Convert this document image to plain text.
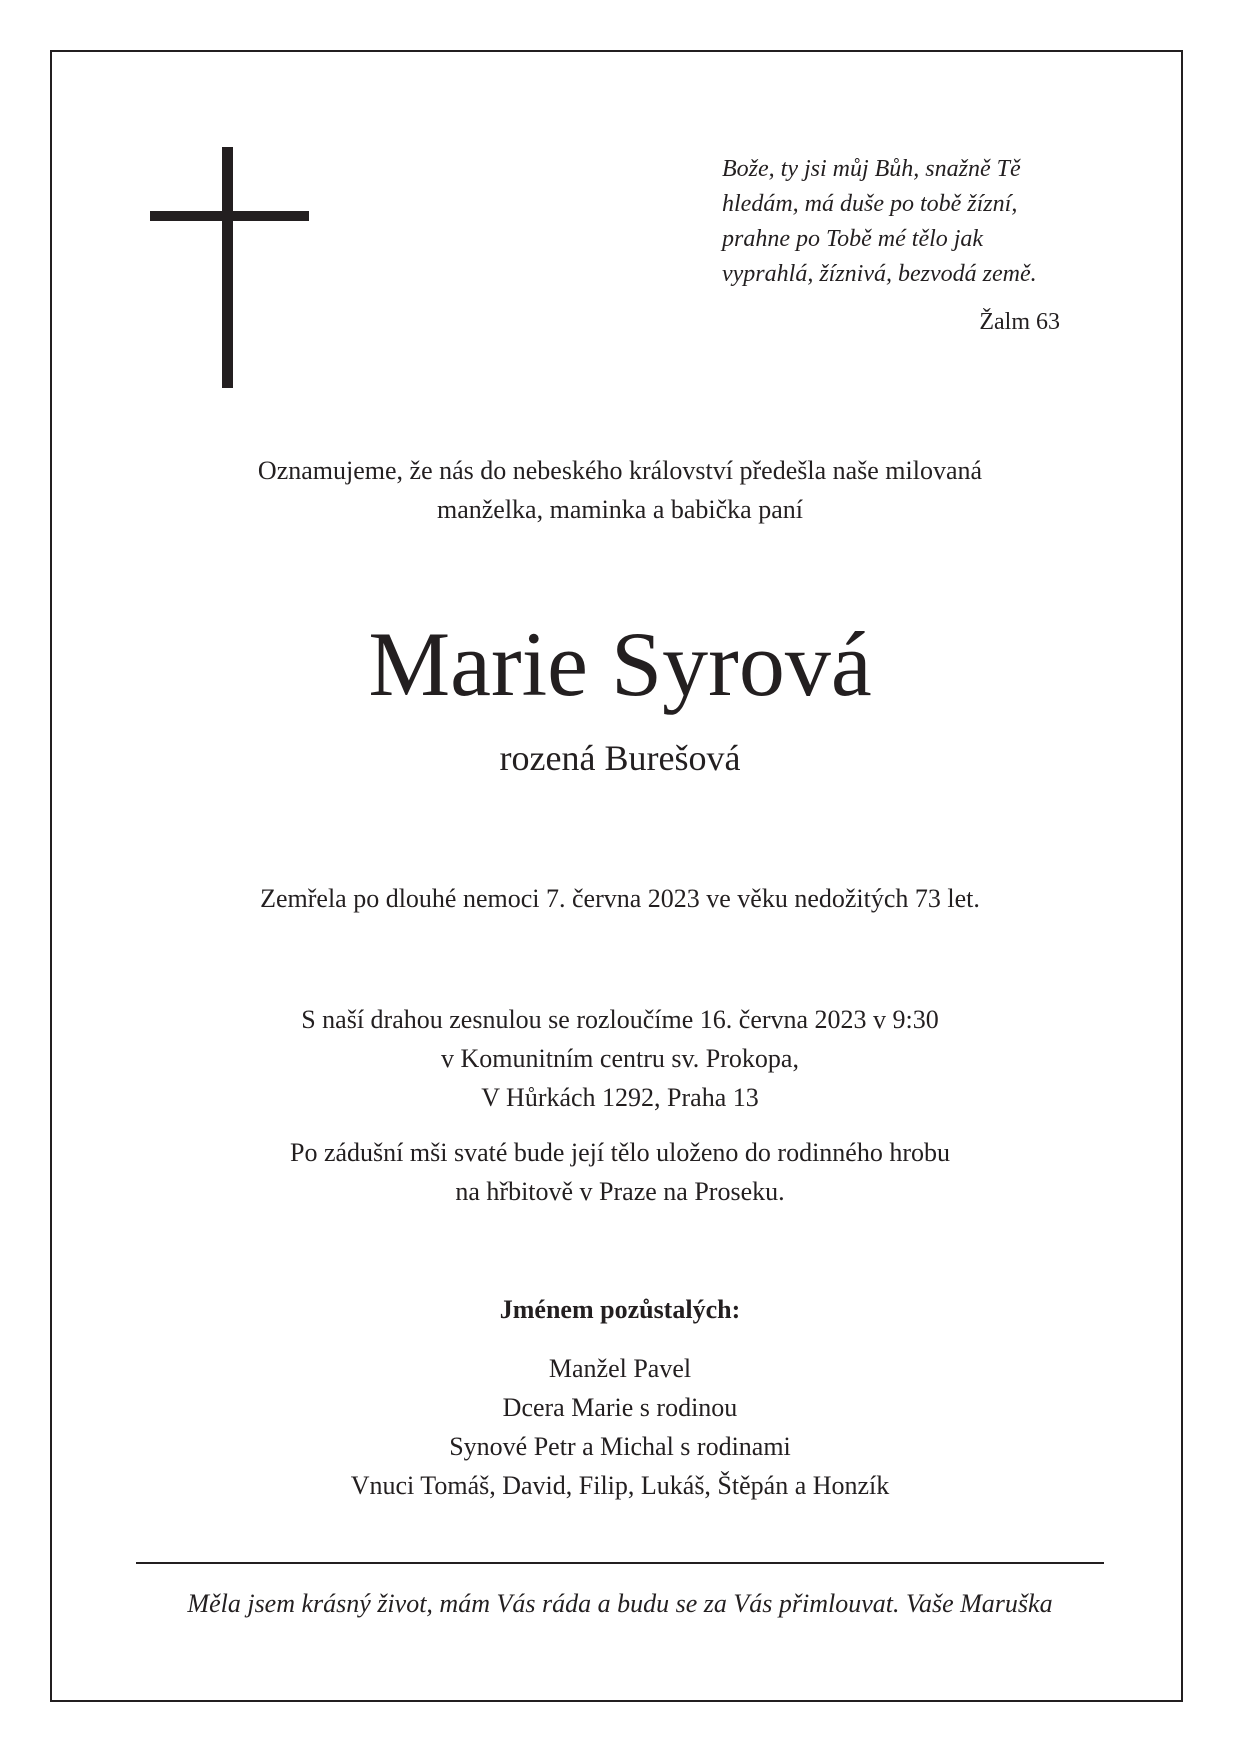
Bože, ty jsi můj Bůh, snažně Tě
hledám, má duše po tobě žízní,
prahne po Tobě mé tělo jak
vyprahlá, žíznivá, bezvodá země.
Žalm 63
Oznamujeme, že nás do nebeského království předešla naše milovaná
manželka, maminka a babička paní
Marie Syrová
rozená Burešová
Zemřela po dlouhé nemoci 7. června 2023 ve věku nedožitých 73 let.
S naší drahou zesnulou se rozloučíme 16. června 2023 v 9:30
v Komunitním centru sv. Prokopa,
V Hůrkách 1292, Praha 13
Po zádušní mši svaté bude její tělo uloženo do rodinného hrobu
na hřbitově v Praze na Proseku.
Jménem pozůstalých:
Manžel Pavel
Dcera Marie s rodinou
Synové Petr a Michal s rodinami
Vnuci Tomáš, David, Filip, Lukáš, Štěpán a Honzík
Měla jsem krásný život, mám Vás ráda a budu se za Vás přimlouvat. Vaše Maruška
